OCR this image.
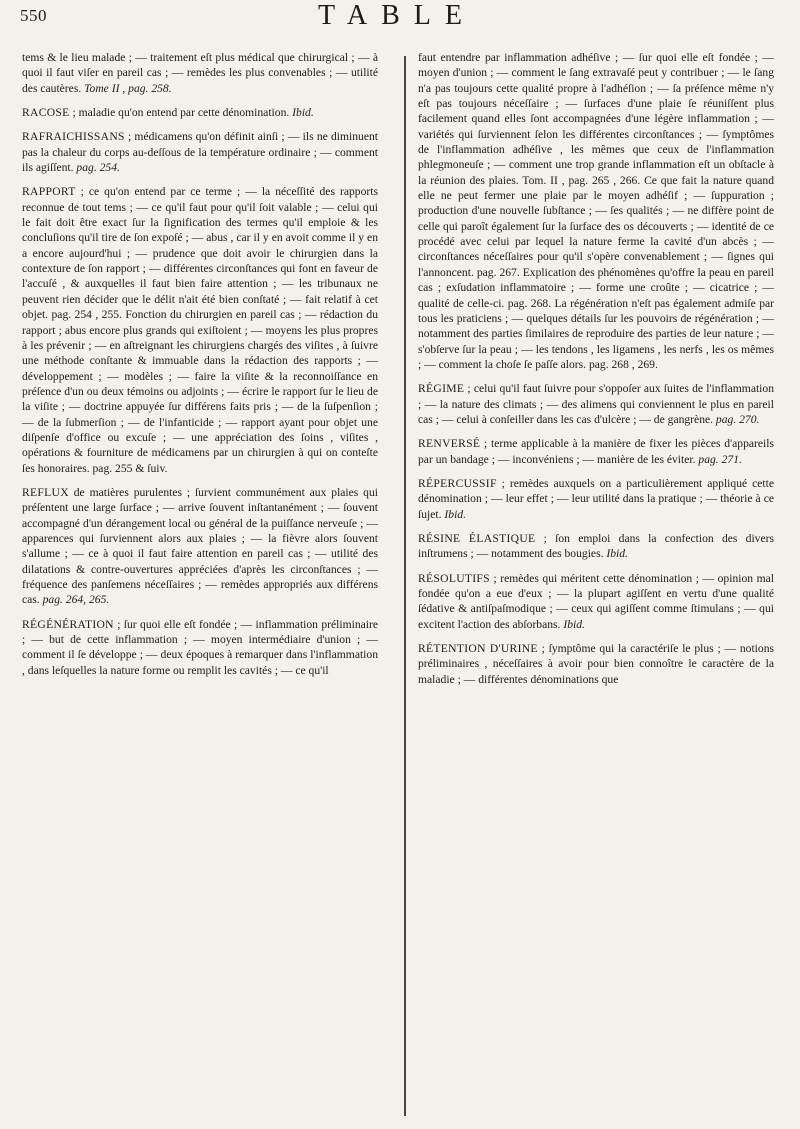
550	TABLE

tems & le lieu malade ; — traitement eſt plus médical que chirurgical ; — à quoi il faut viſer en pareil cas ; — remèdes les plus convenables ; — utilité des cautères. Tome II , pag. 258.

RACOSE ; maladie qu'on entend par cette dénomination. Ibid.

RAFRAICHISSANS ; médicamens qu'on définit ainſi ; — ils ne diminuent pas la chaleur du corps au-deſſous de la température ordinaire ; — comment ils agiſſent. pag. 254.

RAPPORT ; ce qu'on entend par ce terme ; — la néceſſité des rapports reconnue de tout tems ; — ce qu'il faut pour qu'il ſoit valable ; — celui qui le fait doit être exact ſur la ſignification des termes qu'il emploie & les concluſions qu'il tire de ſon expoſé ; — abus , car il y en avoit comme il y en a encore aujourd'hui ; — prudence que doit avoir le chirurgien dans la contexture de ſon rapport ; — différentes circonſtances qui font en faveur de l'accuſé , & auxquelles il faut bien faire attention ; — les tribunaux ne peuvent rien décider que le délit n'ait été bien conſtaté ; — fait relatif à cet objet. pag. 254 , 255. Fonction du chirurgien en pareil cas ; — rédaction du rapport ; abus encore plus grands qui exiſtoient ; — moyens les plus propres à les prévenir ; — en aſtreignant les chirurgiens chargés des viſites , à ſuivre une méthode conſtante & immuable dans la rédaction des rapports ; — développement ; — modèles ; — faire la viſite & la reconnoiſſance en préſence d'un ou deux témoins ou adjoints ; — écrire le rapport ſur le lieu de la viſite ; — doctrine appuyée ſur différens faits pris ; — de la ſuſpenſion ; — de la ſubmerſion ; — de l'infanticide ; — rapport ayant pour objet une diſpenſe d'office ou excuſe ; — une appréciation des ſoins , viſites , opérations & fourniture de médicamens par un chirurgien à qui on conteſte ſes honoraires. pag. 255 & ſuiv.

REFLUX de matières purulentes ; ſurvient communément aux plaies qui préſentent une large ſurface ; — arrive ſouvent inſtantanément ; — ſouvent accompagné d'un dérangement local ou général de la puiſſance nerveuſe ; — apparences qui ſurviennent alors aux plaies ; — la fièvre alors ſouvent s'allume ; — ce à quoi il faut faire attention en pareil cas ; — utilité des dilatations & contre-ouvertures appréciées d'après les circonſtances ; — fréquence des panſemens néceſſaires ; — remèdes appropriés aux différens cas. pag. 264, 265.

RÉGÉNÉRATION ; ſur quoi elle eſt fondée ; — inflammation préliminaire ; — but de cette inflammation ; — moyen intermédiaire d'union ; — comment il ſe développe ; — deux époques à remarquer dans l'inflammation , dans leſquelles la nature forme ou remplit les cavités ; — ce qu'il

faut entendre par inflammation adhéſive ; — ſur quoi elle eſt fondée ; — moyen d'union ; — comment le ſang extravaſé peut y contribuer ; — le ſang n'a pas toujours cette qualité propre à l'adhéſion ; — ſa préſence même n'y eſt pas toujours néceſſaire ; — ſurfaces d'une plaie ſe réuniſſent plus facilement quand elles ſont accompagnées d'une légère inflammation ; — variétés qui ſurviennent ſelon les différentes circonſtances ; — ſymptômes de l'inflammation adhéſive , les mêmes que ceux de l'inflammation phlegmoneuſe ; — comment une trop grande inflammation eſt un obſtacle à la réunion des plaies. Tom. II , pag. 265 , 266. Ce que fait la nature quand elle ne peut fermer une plaie par le moyen adhéſif ; — ſuppuration ; production d'une nouvelle ſubſtance ; — ſes qualités ; — ne diffère point de celle qui paroît également ſur la ſurface des os découverts ; — identité de ce procédé avec celui par lequel la nature ferme la cavité d'un abcès ; — circonſtances néceſſaires pour qu'il s'opère convenablement ; — ſignes qui l'annoncent. pag. 267. Explication des phénomènes qu'offre la peau en pareil cas ; exſudation inflammatoire ; — forme une croûte ; — cicatrice ; — qualité de celle-ci. pag. 268. La régénération n'eſt pas également admiſe par tous les praticiens ; — quelques détails ſur les pouvoirs de régénération ; — notamment des parties ſimilaires de reproduire des parties de leur nature ; — s'obſerve ſur la peau ; — les tendons , les ligamens , les nerfs , les os mêmes ; — comment la choſe ſe paſſe alors. pag. 268 , 269.

RÉGIME ; celui qu'il faut ſuivre pour s'oppoſer aux ſuites de l'inflammation ; — la nature des climats ; — des alimens qui conviennent le plus en pareil cas ; — celui à conſeiller dans les cas d'ulcère ; — de gangrène. pag. 270.

RENVERSÉ ; terme applicable à la manière de fixer les pièces d'appareils par un bandage ; — inconvéniens ; — manière de les éviter. pag. 271.

RÉPERCUSSIF ; remèdes auxquels on a particulièrement appliqué cette dénomination ; — leur effet ; — leur utilité dans la pratique ; — théorie à ce ſujet. Ibid.

RÉSINE ÉLASTIQUE ; ſon emploi dans la confection des divers inſtrumens ; — notamment des bougies. Ibid.

RÉSOLUTIFS ; remèdes qui méritent cette dénomination ; — opinion mal fondée qu'on a eue d'eux ; — la plupart agiſſent en vertu d'une qualité ſédative & antiſpaſmodique ; — ceux qui agiſſent comme ſtimulans ; — qui excitent l'action des abſorbans. Ibid.

RÉTENTION D'URINE ; ſymptôme qui la caractériſe le plus ; — notions préliminaires , néceſſaires à avoir pour bien connoître le caractère de la maladie ; — différentes dénominations que
